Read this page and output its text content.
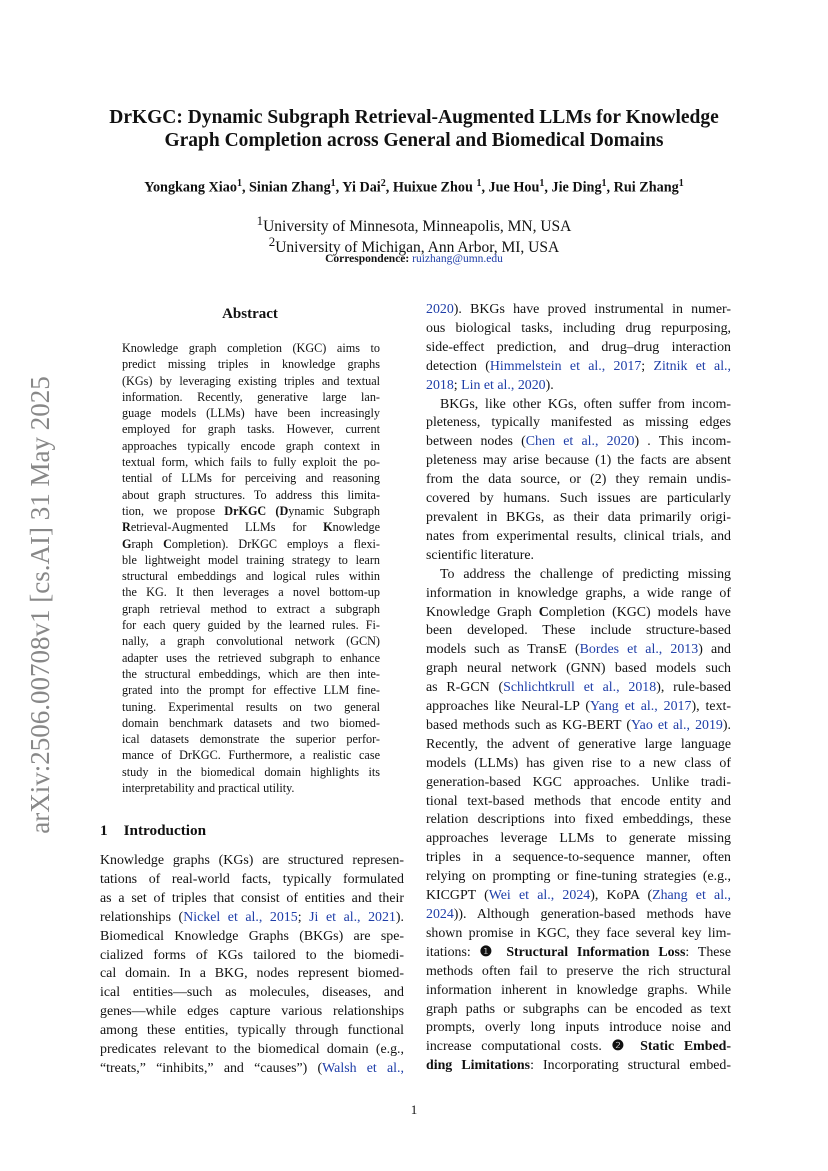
arXiv:2506.00708v1 [cs.AI] 31 May 2025
DrKGC: Dynamic Subgraph Retrieval-Augmented LLMs for Knowledge
Graph Completion across General and Biomedical Domains
Yongkang Xiao$^1$, Sinian Zhang$^1$, Yi Dai$^2$, Huixue Zhou $^1$, Jue Hou$^1$, Jie Ding$^1$, Rui Zhang$^1$
$^1$University of Minnesota, Minneapolis, MN, USA
$^2$University of Michigan, Ann Arbor, MI, USA
Correspondence: ruizhang@umn.edu
Abstract
Knowledge graph completion (KGC) aims to
predict missing triples in knowledge graphs
(KGs) by leveraging existing triples and textual
information. Recently, generative large lan-
guage models (LLMs) have been increasingly
employed for graph tasks. However, current
approaches typically encode graph context in
textual form, which fails to fully exploit the po-
tential of LLMs for perceiving and reasoning
about graph structures. To address this limita-
tion, we propose DrKGC (Dynamic Subgraph
Retrieval-Augmented LLMs for Knowledge
Graph Completion). DrKGC employs a flexi-
ble lightweight model training strategy to learn
structural embeddings and logical rules within
the KG. It then leverages a novel bottom-up
graph retrieval method to extract a subgraph
for each query guided by the learned rules. Fi-
nally, a graph convolutional network (GCN)
adapter uses the retrieved subgraph to enhance
the structural embeddings, which are then inte-
grated into the prompt for effective LLM fine-
tuning. Experimental results on two general
domain benchmark datasets and two biomed-
ical datasets demonstrate the superior perfor-
mance of DrKGC. Furthermore, a realistic case
study in the biomedical domain highlights its
interpretability and practical utility.
1 Introduction
Knowledge graphs (KGs) are structured represen-
tations of real-world facts, typically formulated
as a set of triples that consist of entities and their
relationships (Nickel et al., 2015; Ji et al., 2021).
Biomedical Knowledge Graphs (BKGs) are spe-
cialized forms of KGs tailored to the biomedi-
cal domain. In a BKG, nodes represent biomed-
ical entities—such as molecules, diseases, and
genes—while edges capture various relationships
among these entities, typically through functional
predicates relevant to the biomedical domain (e.g.,
“treats,” “inhibits,” and “causes”) (Walsh et al.,
2020). BKGs have proved instrumental in numer-
ous biological tasks, including drug repurposing,
side-effect prediction, and drug–drug interaction
detection (Himmelstein et al., 2017; Zitnik et al.,
2018; Lin et al., 2020).
BKGs, like other KGs, often suffer from incom-
pleteness, typically manifested as missing edges
between nodes (Chen et al., 2020) . This incom-
pleteness may arise because (1) the facts are absent
from the data source, or (2) they remain undis-
covered by humans. Such issues are particularly
prevalent in BKGs, as their data primarily origi-
nates from experimental results, clinical trials, and
scientific literature.
To address the challenge of predicting missing
information in knowledge graphs, a wide range of
Knowledge Graph Completion (KGC) models have
been developed. These include structure-based
models such as TransE (Bordes et al., 2013) and
graph neural network (GNN) based models such
as R-GCN (Schlichtkrull et al., 2018), rule-based
approaches like Neural-LP (Yang et al., 2017), text-
based methods such as KG-BERT (Yao et al., 2019).
Recently, the advent of generative large language
models (LLMs) has given rise to a new class of
generation-based KGC approaches. Unlike tradi-
tional text-based methods that encode entity and
relation descriptions into fixed embeddings, these
approaches leverage LLMs to generate missing
triples in a sequence-to-sequence manner, often
relying on prompting or fine-tuning strategies (e.g.,
KICGPT (Wei et al., 2024), KoPA (Zhang et al.,
2024)). Although generation-based methods have
shown promise in KGC, they face several key lim-
itations: ❶ Structural Information Loss: These
methods often fail to preserve the rich structural
information inherent in knowledge graphs. While
graph paths or subgraphs can be encoded as text
prompts, overly long inputs introduce noise and
increase computational costs. ❷ Static Embed-
ding Limitations: Incorporating structural embed-
1
